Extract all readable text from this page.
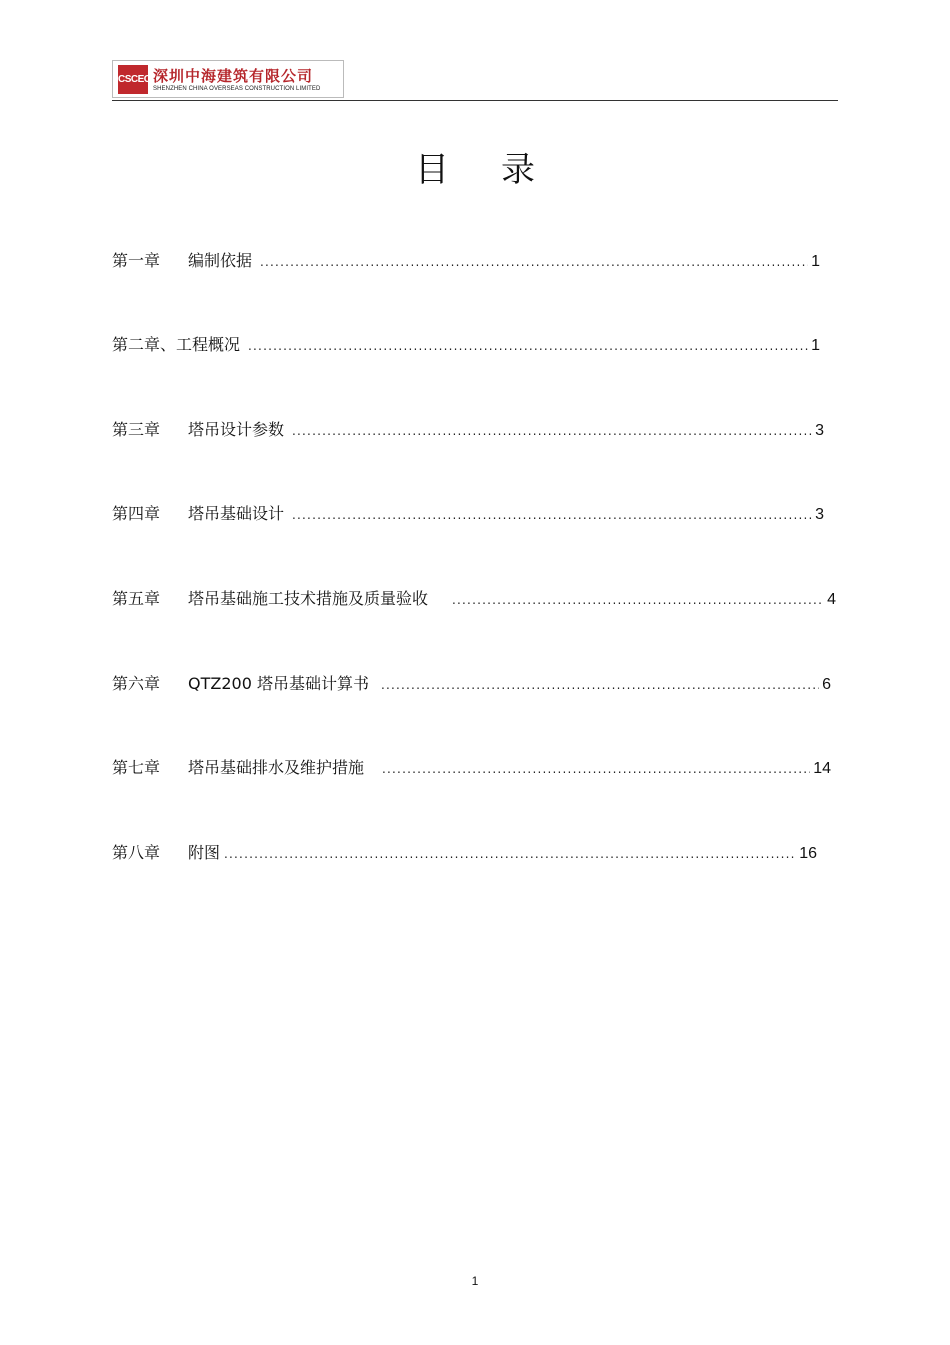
CSCEC 深圳中海建筑有限公司
SHENZHEN CHINA OVERSEAS CONSTRUCTION LIMITED
目录
第一章	编制依据 .....	1
第二章、 工程概况 .....	1
第三章	塔吊设计参数 .....	3
第四章	塔吊基础设计 .....	3
第五章	塔吊基础施工技术措施及质量验收 .....	4
第六章	QTZ200 塔吊基础计算书 .....	6
第七章	塔吊基础排水及维护措施 .....	14
第八章	附图 .....	16
1
